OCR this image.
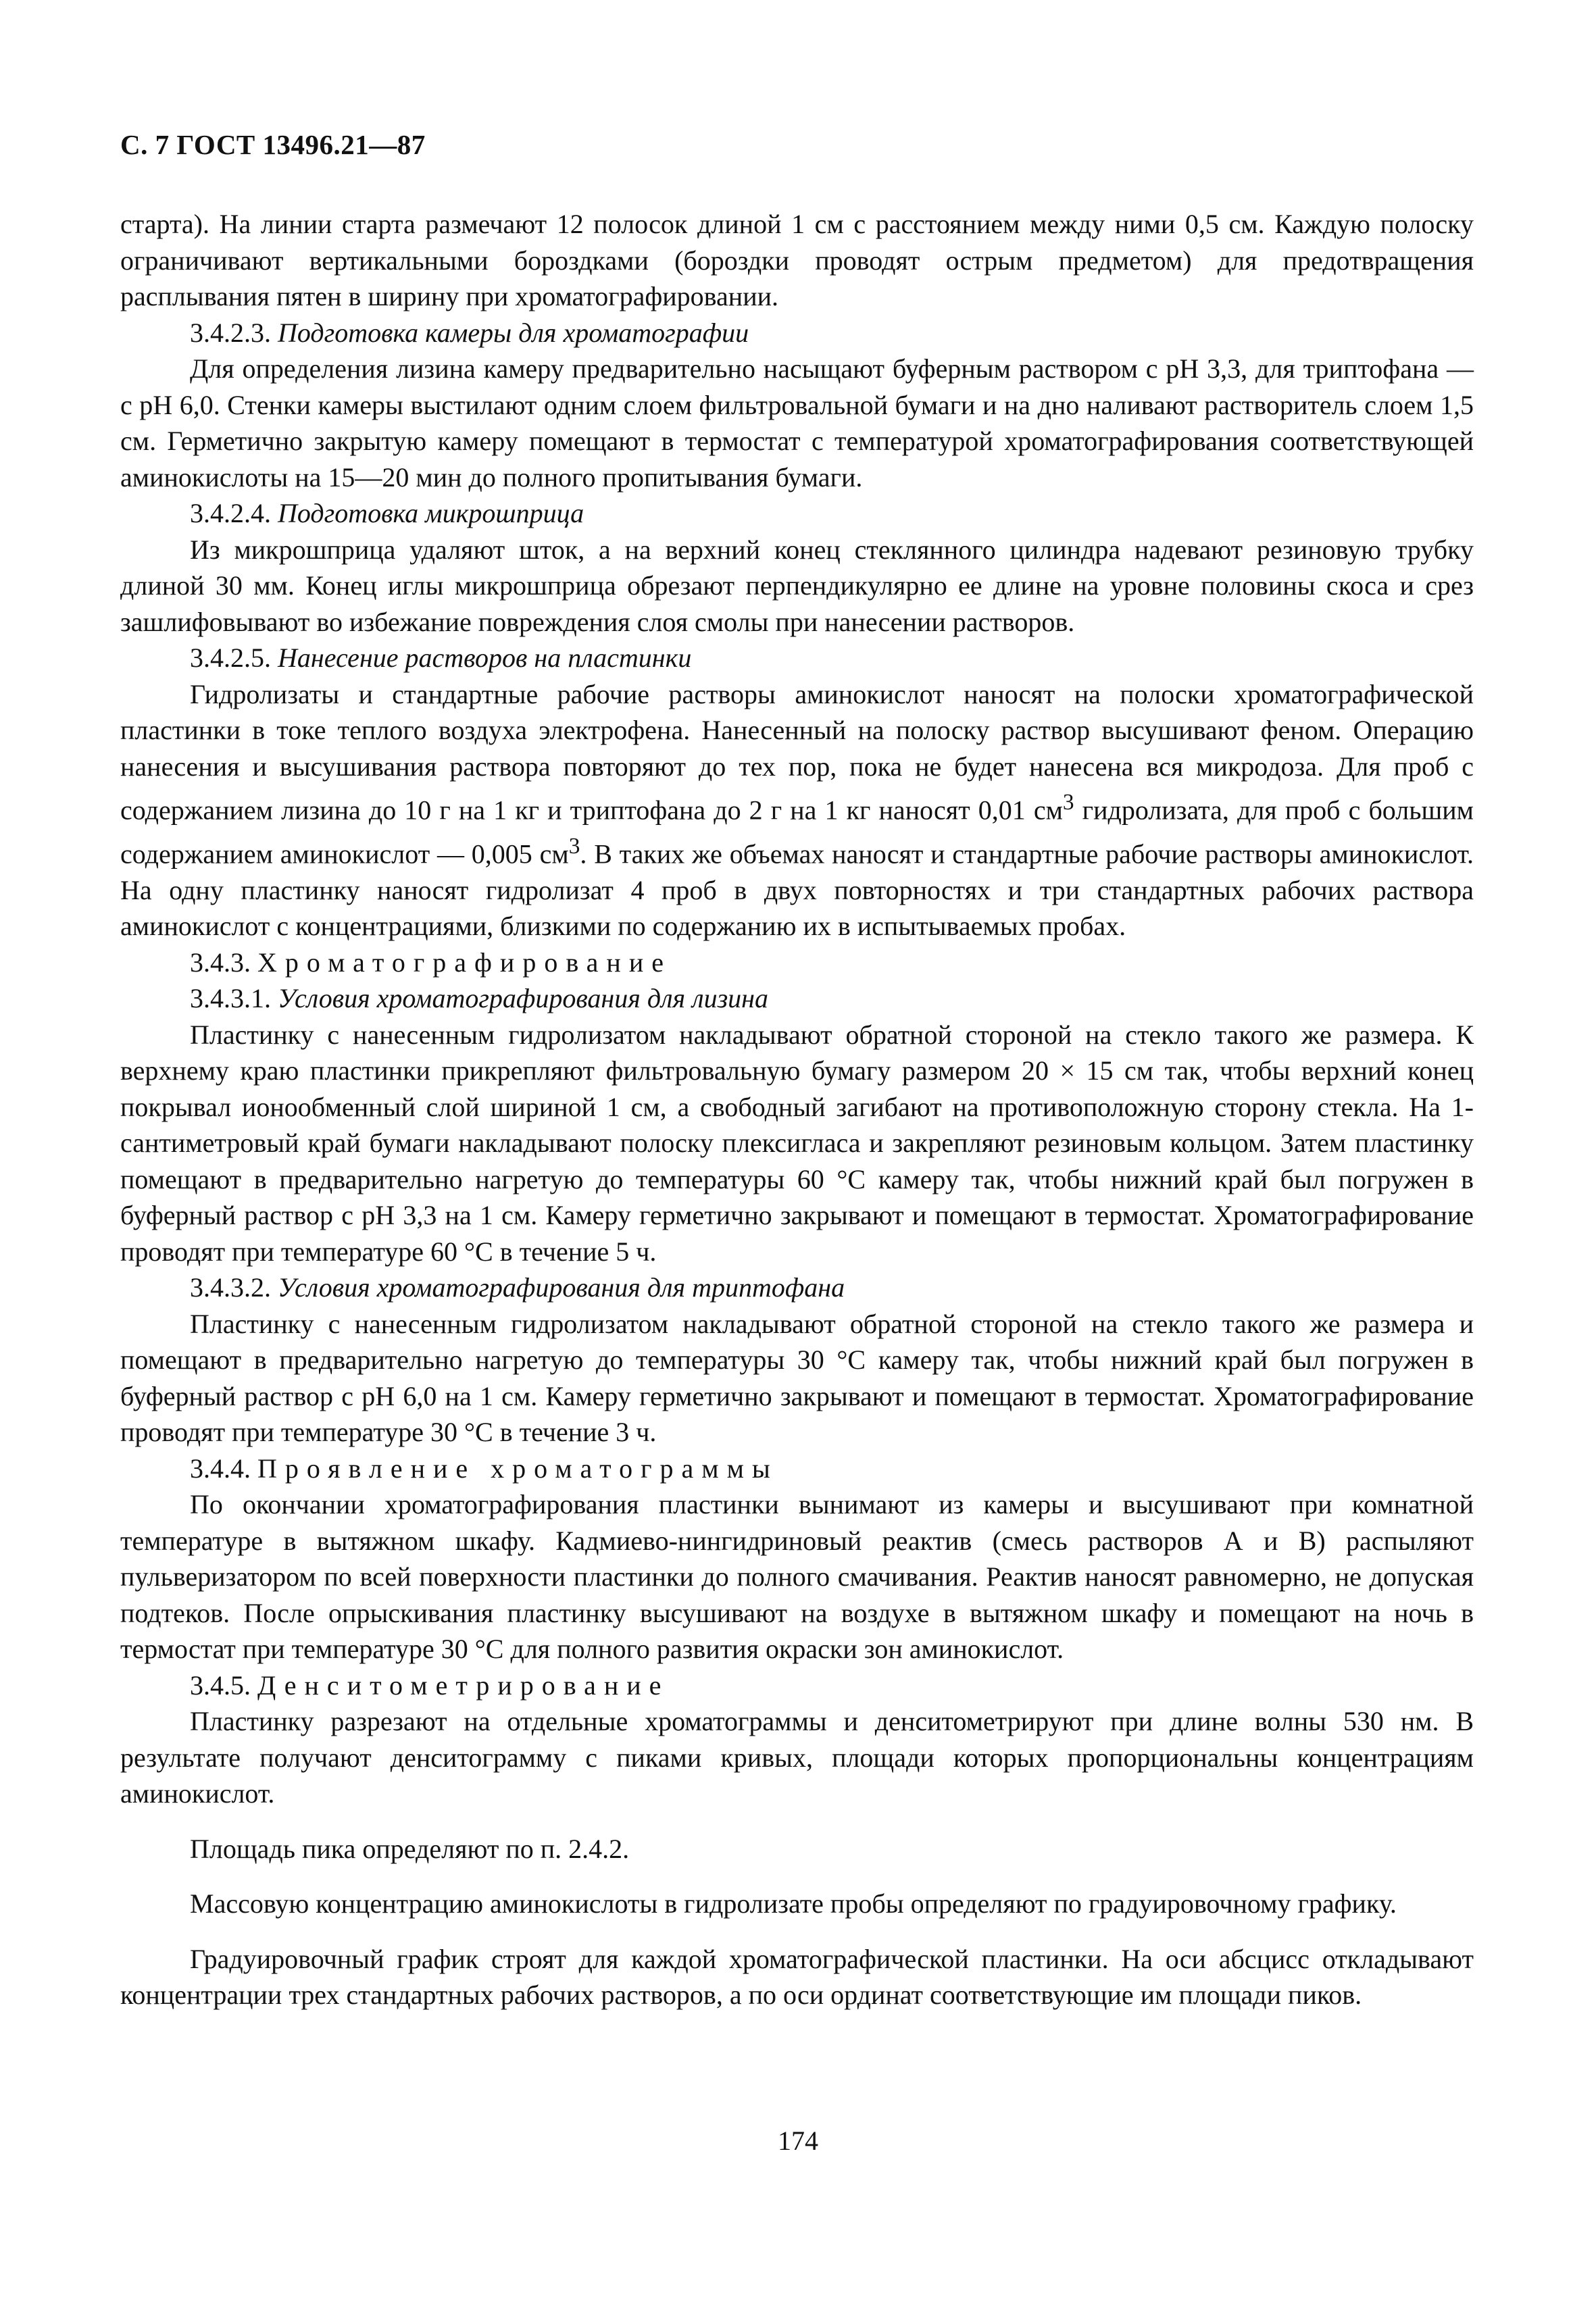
С. 7 ГОСТ 13496.21—87

старта). На линии старта размечают 12 полосок длиной 1 см с расстоянием между ними 0,5 см. Каждую полоску ограничивают вертикальными бороздками (бороздки проводят острым предметом) для предотвращения расплывания пятен в ширину при хроматографировании.

3.4.2.3. Подготовка камеры для хроматографии

Для определения лизина камеру предварительно насыщают буферным раствором с pH 3,3, для триптофана — с pH 6,0. Стенки камеры выстилают одним слоем фильтровальной бумаги и на дно наливают растворитель слоем 1,5 см. Герметично закрытую камеру помещают в термостат с температурой хроматографирования соответствующей аминокислоты на 15—20 мин до полного пропитывания бумаги.

3.4.2.4. Подготовка микрошприца

Из микрошприца удаляют шток, а на верхний конец стеклянного цилиндра надевают резиновую трубку длиной 30 мм. Конец иглы микрошприца обрезают перпендикулярно ее длине на уровне половины скоса и срез зашлифовывают во избежание повреждения слоя смолы при нанесении растворов.

3.4.2.5. Нанесение растворов на пластинки

Гидролизаты и стандартные рабочие растворы аминокислот наносят на полоски хроматографической пластинки в токе теплого воздуха электрофена. Нанесенный на полоску раствор высушивают феном. Операцию нанесения и высушивания раствора повторяют до тех пор, пока не будет нанесена вся микродоза. Для проб с содержанием лизина до 10 г на 1 кг и триптофана до 2 г на 1 кг наносят 0,01 $см^3$ гидролизата, для проб с большим содержанием аминокислот — 0,005 $см^3$. В таких же объемах наносят и стандартные рабочие растворы аминокислот. На одну пластинку наносят гидролизат 4 проб в двух повторностях и три стандартных рабочих раствора аминокислот с концентрациями, близкими по содержанию их в испытываемых пробах.

3.4.3. Хроматографирование

3.4.3.1. Условия хроматографирования для лизина

Пластинку с нанесенным гидролизатом накладывают обратной стороной на стекло такого же размера. К верхнему краю пластинки прикрепляют фильтровальную бумагу размером 20 × 15 см так, чтобы верхний конец покрывал ионообменный слой шириной 1 см, а свободный загибают на противоположную сторону стекла. На 1-сантиметровый край бумаги накладывают полоску плексигласа и закрепляют резиновым кольцом. Затем пластинку помещают в предварительно нагретую до температуры 60 °С камеру так, чтобы нижний край был погружен в буферный раствор с pH 3,3 на 1 см. Камеру герметично закрывают и помещают в термостат. Хроматографирование проводят при температуре 60 °С в течение 5 ч.

3.4.3.2. Условия хроматографирования для триптофана

Пластинку с нанесенным гидролизатом накладывают обратной стороной на стекло такого же размера и помещают в предварительно нагретую до температуры 30 °С камеру так, чтобы нижний край был погружен в буферный раствор с pH 6,0 на 1 см. Камеру герметично закрывают и помещают в термостат. Хроматографирование проводят при температуре 30 °С в течение 3 ч.

3.4.4. Проявление хроматограммы

По окончании хроматографирования пластинки вынимают из камеры и высушивают при комнатной температуре в вытяжном шкафу. Кадмиево-нингидриновый реактив (смесь растворов А и В) распыляют пульверизатором по всей поверхности пластинки до полного смачивания. Реактив наносят равномерно, не допуская подтеков. После опрыскивания пластинку высушивают на воздухе в вытяжном шкафу и помещают на ночь в термостат при температуре 30 °С для полного развития окраски зон аминокислот.

3.4.5. Денситометрирование

Пластинку разрезают на отдельные хроматограммы и денситометрируют при длине волны 530 нм. В результате получают денситограмму с пиками кривых, площади которых пропорциональны концентрациям аминокислот.

Площадь пика определяют по п. 2.4.2.

Массовую концентрацию аминокислоты в гидролизате пробы определяют по градуировочному графику.

Градуировочный график строят для каждой хроматографической пластинки. На оси абсцисс откладывают концентрации трех стандартных рабочих растворов, а по оси ординат соответствующие им площади пиков.

174
